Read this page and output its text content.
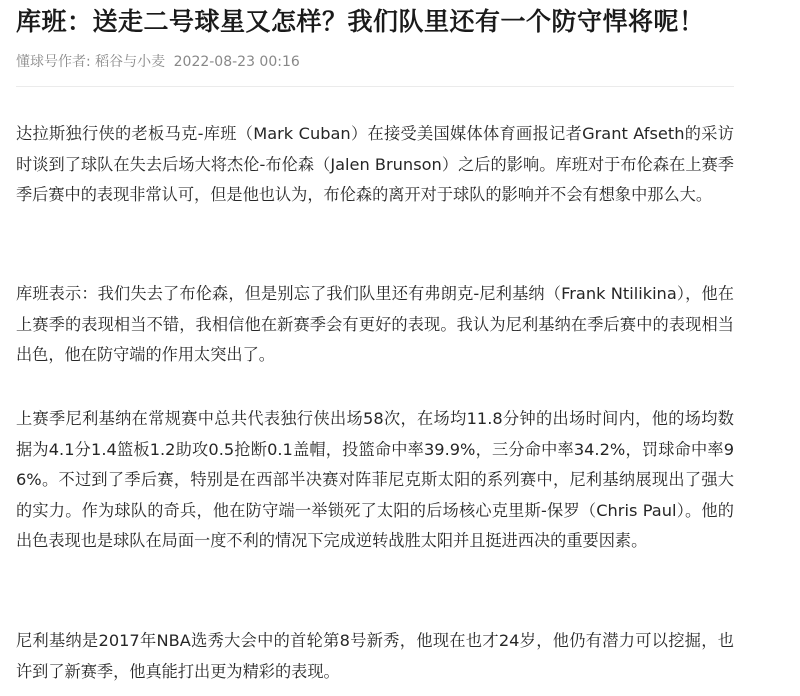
库班：送走二号球星又怎样？我们队里还有一个防守悍将呢！
懂球号作者: 稻谷与小麦 2022-08-23 00:16

达拉斯独行侠的老板马克-库班（Mark Cuban）在接受美国媒体体育画报记者Grant Afseth的采访时谈到了球队在失去后场大将杰伦-布伦森（Jalen Brunson）之后的影响。库班对于布伦森在上赛季季后赛中的表现非常认可，但是他也认为，布伦森的离开对于球队的影响并不会有想象中那么大。

库班表示：我们失去了布伦森，但是别忘了我们队里还有弗朗克-尼利基纳（Frank Ntilikina），他在上赛季的表现相当不错，我相信他在新赛季会有更好的表现。我认为尼利基纳在季后赛中的表现相当出色，他在防守端的作用太突出了。

上赛季尼利基纳在常规赛中总共代表独行侠出场58次，在场均11.8分钟的出场时间内，他的场均数据为4.1分1.4篮板1.2助攻0.5抢断0.1盖帽，投篮命中率39.9%，三分命中率34.2%，罚球命中率96%。不过到了季后赛，特别是在西部半决赛对阵菲尼克斯太阳的系列赛中，尼利基纳展现出了强大的实力。作为球队的奇兵，他在防守端一举锁死了太阳的后场核心克里斯-保罗（Chris Paul）。他的出色表现也是球队在局面一度不利的情况下完成逆转战胜太阳并且挺进西决的重要因素。

尼利基纳是2017年NBA选秀大会中的首轮第8号新秀，他现在也才24岁，他仍有潜力可以挖掘，也许到了新赛季，他真能打出更为精彩的表现。
